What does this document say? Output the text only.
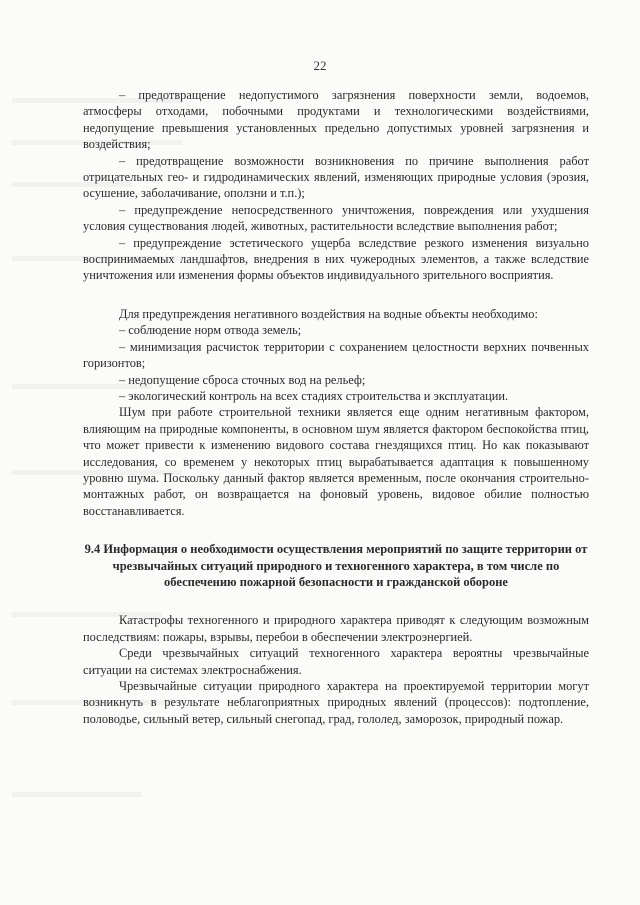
22

– предотвращение недопустимого загрязнения поверхности земли, водоемов, атмосферы отходами, побочными продуктами и технологическими воздействиями, недопущение превышения установленных предельно допустимых уровней загрязнения и воздействия;

– предотвращение возможности возникновения по причине выполнения работ отрицательных гео- и гидродинамических явлений, изменяющих природные условия (эрозия, осушение, заболачивание, оползни и т.п.);

– предупреждение непосредственного уничтожения, повреждения или ухудшения условия существования людей, животных, растительности вследствие выполнения работ;

– предупреждение эстетического ущерба вследствие резкого изменения визуально воспринимаемых ландшафтов, внедрения в них чужеродных элементов, а также вследствие уничтожения или изменения формы объектов индивидуального зрительного восприятия.

Для предупреждения негативного воздействия на водные объекты необходимо:

– соблюдение норм отвода земель;

– минимизация расчисток территории с сохранением целостности верхних почвенных горизонтов;

– недопущение сброса сточных вод на рельеф;

– экологический контроль на всех стадиях строительства и эксплуатации.

Шум при работе строительной техники является еще одним негативным фактором, влияющим на природные компоненты, в основном шум является фактором беспокойства птиц, что может привести к изменению видового состава гнездящихся птиц. Но как показывают исследования, со временем у некоторых птиц вырабатывается адаптация к повышенному уровню шума. Поскольку данный фактор является временным, после окончания строительно-монтажных работ, он возвращается на фоновый уровень, видовое обилие полностью восстанавливается.

9.4 Информация о необходимости осуществления мероприятий по защите территории от чрезвычайных ситуаций природного и техногенного характера, в том числе по обеспечению пожарной безопасности и гражданской обороне

Катастрофы техногенного и природного характера приводят к следующим возможным последствиям: пожары, взрывы, перебои в обеспечении электроэнергией.

Среди чрезвычайных ситуаций техногенного характера вероятны чрезвычайные ситуации на системах электроснабжения.

Чрезвычайные ситуации природного характера на проектируемой территории могут возникнуть в результате неблагоприятных природных явлений (процессов): подтопление, половодье, сильный ветер, сильный снегопад, град, гололед, заморозок, природный пожар.
